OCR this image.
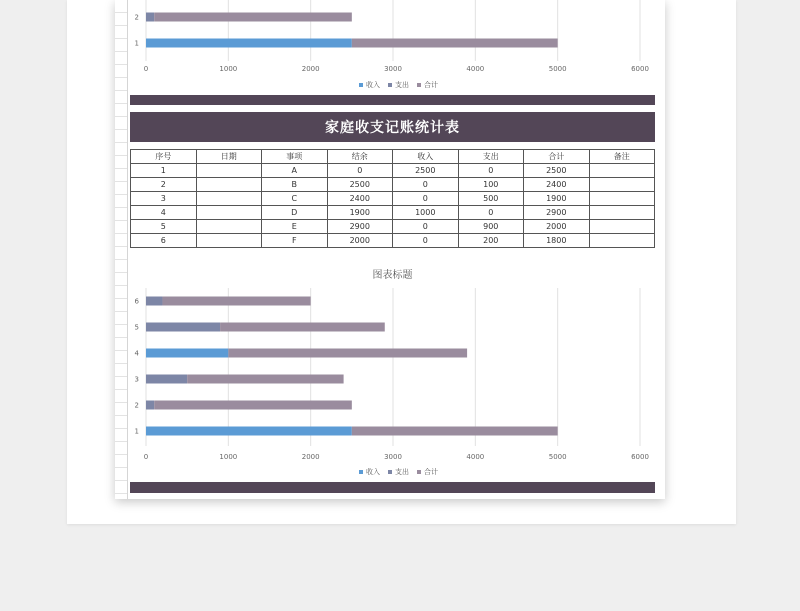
0	1000	2000	3000	4000	5000	6000
1
2
收入 支出 合计
家庭收支记账统计表
序号	日期	事项	结余	收入	支出	合计	备注
1		A	0	2500	0	2500	
2		B	2500	0	100	2400	
3		C	2400	0	500	1900	
4		D	1900	1000	0	2900	
5		E	2900	0	900	2000	
6		F	2000	0	200	1800	
图表标题
0	1000	2000	3000	4000	5000	6000
1
2
3
4
5
6
收入 支出 合计
